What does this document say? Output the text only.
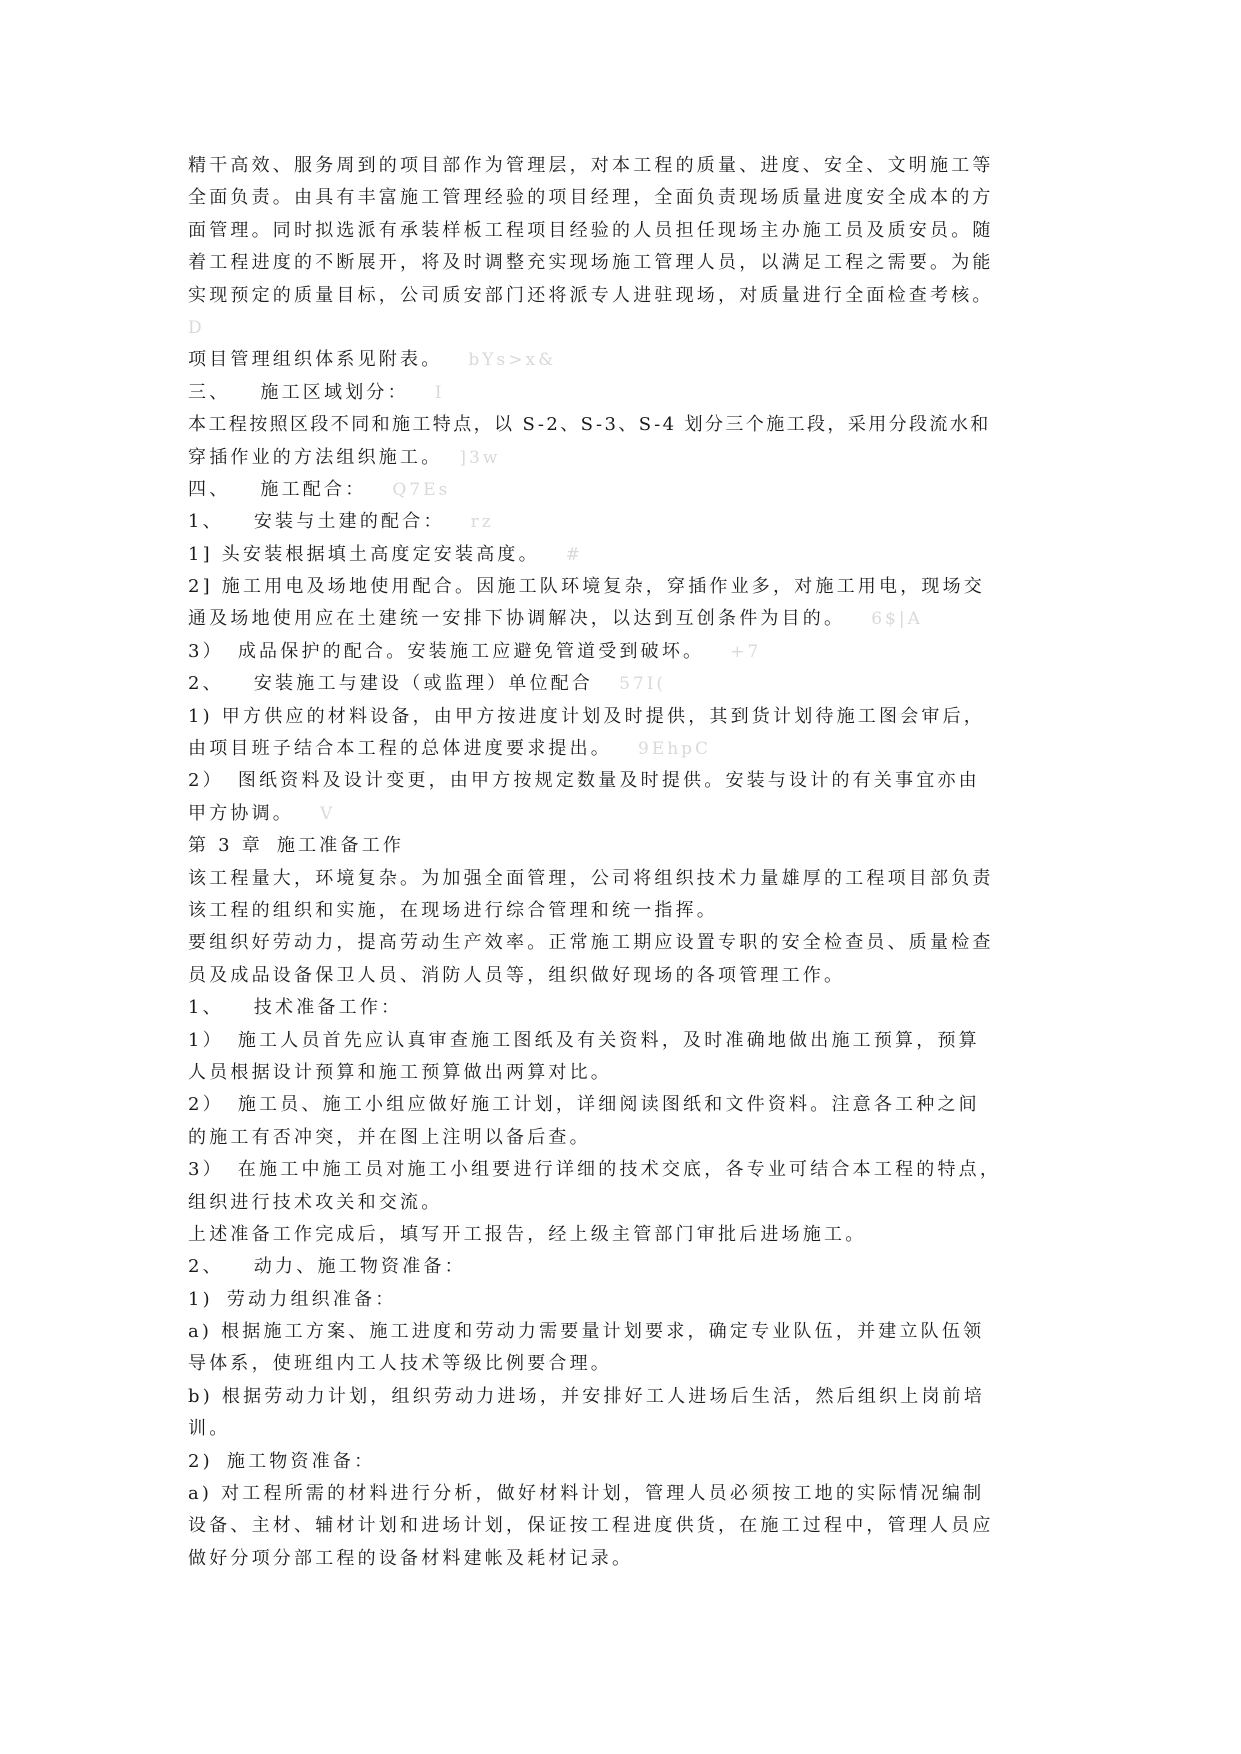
精干高效、服务周到的项目部作为管理层，对本工程的质量、进度、安全、文明施工等
全面负责。由具有丰富施工管理经验的项目经理，全面负责现场质量进度安全成本的方
面管理。同时拟选派有承装样板工程项目经验的人员担任现场主办施工员及质安员。随
着工程进度的不断展开，将及时调整充实现场施工管理人员，以满足工程之需要。为能
实现预定的质量目标，公司质安部门还将派专人进驻现场，对质量进行全面检查考核。
D
项目管理组织体系见附表。 bYs>x&
三、 施工区域划分： I
本工程按照区段不同和施工特点，以 S-2、S-3、S-4 划分三个施工段，采用分段流水和
穿插作业的方法组织施工。 ]3w
四、 施工配合： Q7Es
1、 安装与土建的配合： rz
1] 头安装根据填土高度定安装高度。 #
2] 施工用电及场地使用配合。因施工队环境复杂，穿插作业多，对施工用电，现场交
通及场地使用应在土建统一安排下协调解决，以达到互创条件为目的。 6$|A
3） 成品保护的配合。安装施工应避免管道受到破坏。 +7
2、 安装施工与建设（或监理）单位配合 57I(
1) 甲方供应的材料设备，由甲方按进度计划及时提供，其到货计划待施工图会审后，
由项目班子结合本工程的总体进度要求提出。 9EhpC
2） 图纸资料及设计变更，由甲方按规定数量及时提供。安装与设计的有关事宜亦由
甲方协调。 V
第 3 章 施工准备工作
该工程量大，环境复杂。为加强全面管理，公司将组织技术力量雄厚的工程项目部负责
该工程的组织和实施，在现场进行综合管理和统一指挥。
要组织好劳动力，提高劳动生产效率。正常施工期应设置专职的安全检查员、质量检查
员及成品设备保卫人员、消防人员等，组织做好现场的各项管理工作。
1、 技术准备工作：
1） 施工人员首先应认真审查施工图纸及有关资料，及时准确地做出施工预算，预算
人员根据设计预算和施工预算做出两算对比。
2） 施工员、施工小组应做好施工计划，详细阅读图纸和文件资料。注意各工种之间
的施工有否冲突，并在图上注明以备后查。
3） 在施工中施工员对施工小组要进行详细的技术交底，各专业可结合本工程的特点，
组织进行技术攻关和交流。
上述准备工作完成后，填写开工报告，经上级主管部门审批后进场施工。
2、 动力、施工物资准备：
1) 劳动力组织准备：
a) 根据施工方案、施工进度和劳动力需要量计划要求，确定专业队伍，并建立队伍领
导体系，使班组内工人技术等级比例要合理。
b) 根据劳动力计划，组织劳动力进场，并安排好工人进场后生活，然后组织上岗前培
训。
2) 施工物资准备：
a) 对工程所需的材料进行分析，做好材料计划，管理人员必须按工地的实际情况编制
设备、主材、辅材计划和进场计划，保证按工程进度供货，在施工过程中，管理人员应
做好分项分部工程的设备材料建帐及耗材记录。
